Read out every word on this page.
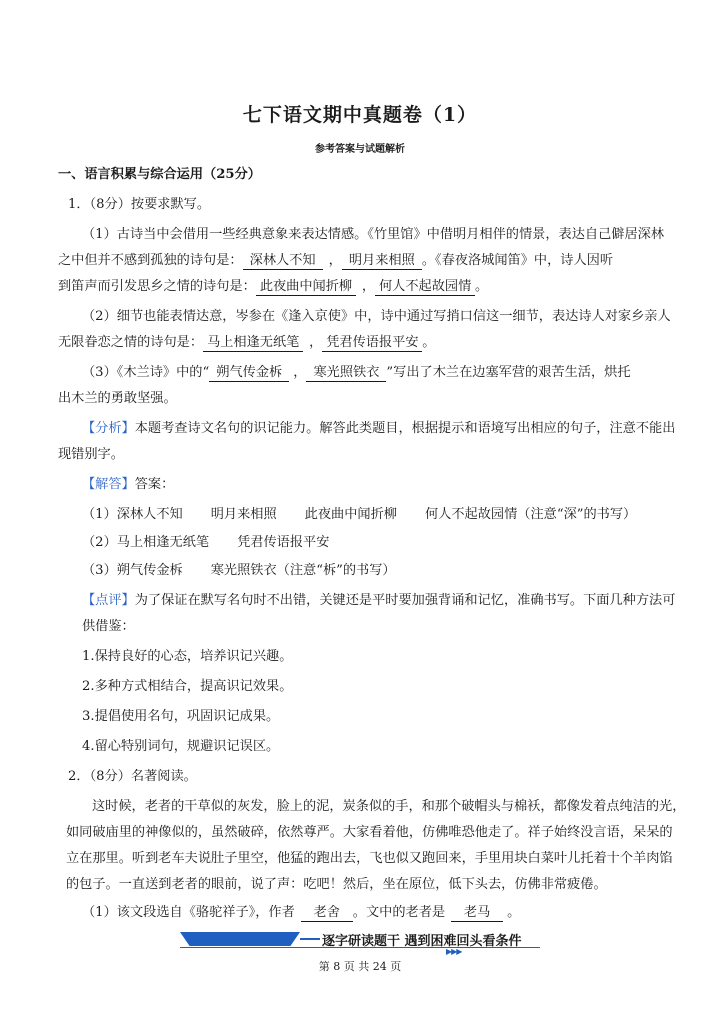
七下语文期中真题卷（1）
参考答案与试题解析
一、语言积累与综合运用（25分）
1．（8分）按要求默写。
（1）古诗当中会借用一些经典意象来表达情感。《竹里馆》中借明月相伴的情景，表达自己僻居深林
之中但并不感到孤独的诗句是： 深林人不知 ， 明月来相照 。《春夜洛城闻笛》中，诗人因听
到笛声而引发思乡之情的诗句是： 此夜曲中闻折柳 ， 何人不起故园情 。
（2）细节也能表情达意，岑参在《逢入京使》中，诗中通过写捎口信这一细节，表达诗人对家乡亲人
无限眷恋之情的诗句是： 马上相逢无纸笔 ， 凭君传语报平安 。
（3）《木兰诗》中的“ 朔气传金柝 ， 寒光照铁衣 ”写出了木兰在边塞军营的艰苦生活，烘托
出木兰的勇敢坚强。
【分析】本题考查诗文名句的识记能力。解答此类题目，根据提示和语境写出相应的句子，注意不能出
现错别字。
【解答】答案：
（1）深林人不知 明月来相照 此夜曲中闻折柳 何人不起故园情（注意“深”的书写）
（2）马上相逢无纸笔 凭君传语报平安
（3）朔气传金柝 寒光照铁衣（注意“柝”的书写）
【点评】为了保证在默写名句时不出错，关键还是平时要加强背诵和记忆，准确书写。下面几种方法可
供借鉴：
1.保持良好的心态，培养识记兴趣。
2.多种方式相结合，提高识记效果。
3.提倡使用名句，巩固识记成果。
4.留心特别词句，规避识记误区。
2．（8分）名著阅读。
这时候，老者的干草似的灰发，脸上的泥，炭条似的手，和那个破帽头与棉袄，都像发着点纯洁的光，
如同破庙里的神像似的，虽然破碎，依然尊严。大家看着他，仿佛唯恐他走了。祥子始终没言语，呆呆的
立在那里。听到老车夫说肚子里空，他猛的跑出去，飞也似又跑回来，手里用块白菜叶儿托着十个羊肉馅
的包子。一直送到老者的眼前，说了声：吃吧！然后，坐在原位，低下头去，仿佛非常疲倦。
（1）该文段选自《骆驼祥子》，作者 老舍 。文中的老者是 老马 。
逐字研读题干 遇到困难回头看条件
▶▶▶
第 8 页 共 24 页
